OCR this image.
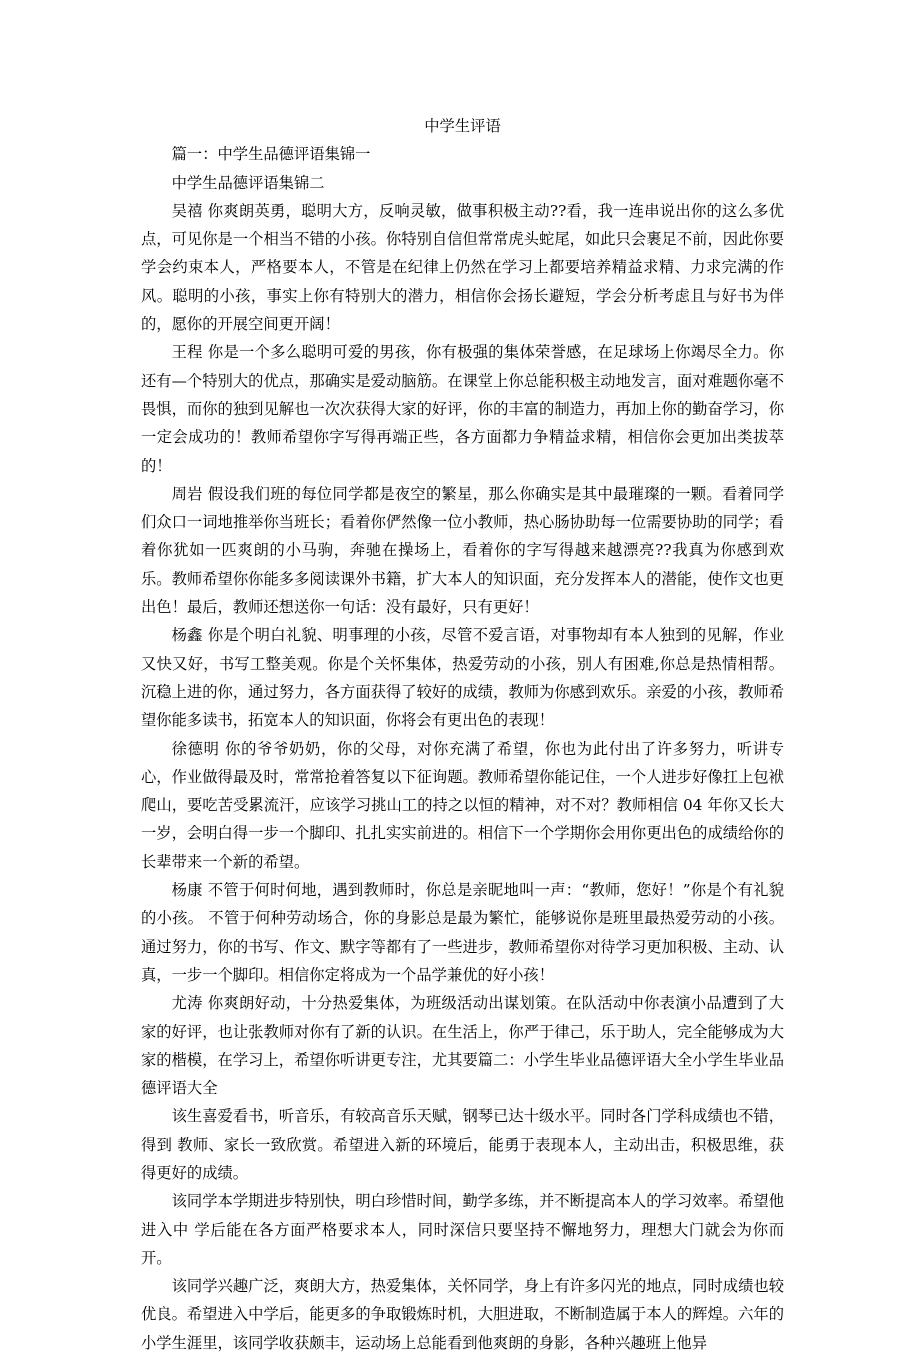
中学生评语

篇一：中学生品德评语集锦一

中学生品德评语集锦二

吴禧 你爽朗英勇，聪明大方，反响灵敏，做事积极主动??看，我一连串说出你的这么多优点，可见你是一个相当不错的小孩。你特别自信但常常虎头蛇尾，如此只会裹足不前，因此你要学会约束本人，严格要本人，不管是在纪律上仍然在学习上都要培养精益求精、力求完满的作风。聪明的小孩，事实上你有特别大的潜力，相信你会扬长避短，学会分析考虑且与好书为伴的，愿你的开展空间更开阔！

王程 你是一个多么聪明可爱的男孩，你有极强的集体荣誉感，在足球场上你竭尽全力。你还有—个特别大的优点，那确实是爱动脑筋。在课堂上你总能积极主动地发言，面对难题你毫不畏惧，而你的独到见解也一次次获得大家的好评，你的丰富的制造力，再加上你的勤奋学习，你一定会成功的！教师希望你字写得再端正些，各方面都力争精益求精，相信你会更加出类拔萃的！

周岩 假设我们班的每位同学都是夜空的繁星，那么你确实是其中最璀璨的一颗。看着同学们众口一词地推举你当班长；看着你俨然像一位小教师，热心肠协助每一位需要协助的同学；看着你犹如一匹爽朗的小马驹，奔驰在操场上，看着你的字写得越来越漂亮??我真为你感到欢乐。教师希望你你能多多阅读课外书籍，扩大本人的知识面，充分发挥本人的潜能，使作文也更出色！最后，教师还想送你一句话：没有最好，只有更好！

杨鑫 你是个明白礼貌、明事理的小孩，尽管不爱言语，对事物却有本人独到的见解，作业又快又好，书写工整美观。你是个关怀集体，热爱劳动的小孩，别人有困难,你总是热情相帮。沉稳上进的你，通过努力，各方面获得了较好的成绩，教师为你感到欢乐。亲爱的小孩，教师希望你能多读书，拓宽本人的知识面，你将会有更出色的表现！

徐德明 你的爷爷奶奶，你的父母，对你充满了希望，你也为此付出了许多努力，听讲专心，作业做得最及时，常常抢着答复以下征询题。教师希望你能记住，一个人进步好像扛上包袱爬山，要吃苦受累流汗，应该学习挑山工的持之以恒的精神，对不对？教师相信 04 年你又长大一岁，会明白得一步一个脚印、扎扎实实前进的。相信下一个学期你会用你更出色的成绩给你的长辈带来一个新的希望。

杨康 不管于何时何地，遇到教师时，你总是亲昵地叫一声：“教师，您好！”你是个有礼貌的小孩。 不管于何种劳动场合，你的身影总是最为繁忙，能够说你是班里最热爱劳动的小孩。通过努力，你的书写、作文、默字等都有了一些进步，教师希望你对待学习更加积极、主动、认真，一步一个脚印。相信你定将成为一个品学兼优的好小孩！

尤涛 你爽朗好动，十分热爱集体，为班级活动出谋划策。在队活动中你表演小品遭到了大家的好评，也让张教师对你有了新的认识。在生活上，你严于律己，乐于助人，完全能够成为大家的楷模，在学习上，希望你听讲更专注，尤其要篇二：小学生毕业品德评语大全小学生毕业品德评语大全

该生喜爱看书，听音乐，有较高音乐天赋，钢琴已达十级水平。同时各门学科成绩也不错，得到 教师、家长一致欣赏。希望进入新的环境后，能勇于表现本人，主动出击，积极思维，获得更好的成绩。

该同学本学期进步特别快，明白珍惜时间，勤学多练，并不断提高本人的学习效率。希望他进入中 学后能在各方面严格要求本人，同时深信只要坚持不懈地努力，理想大门就会为你而开。

该同学兴趣广泛，爽朗大方，热爱集体，关怀同学，身上有许多闪光的地点，同时成绩也较优良。希望进入中学后，能更多的争取锻炼时机，大胆进取，不断制造属于本人的辉煌。六年的小学生涯里，该同学收获颇丰，运动场上总能看到他爽朗的身影，各种兴趣班上他异
